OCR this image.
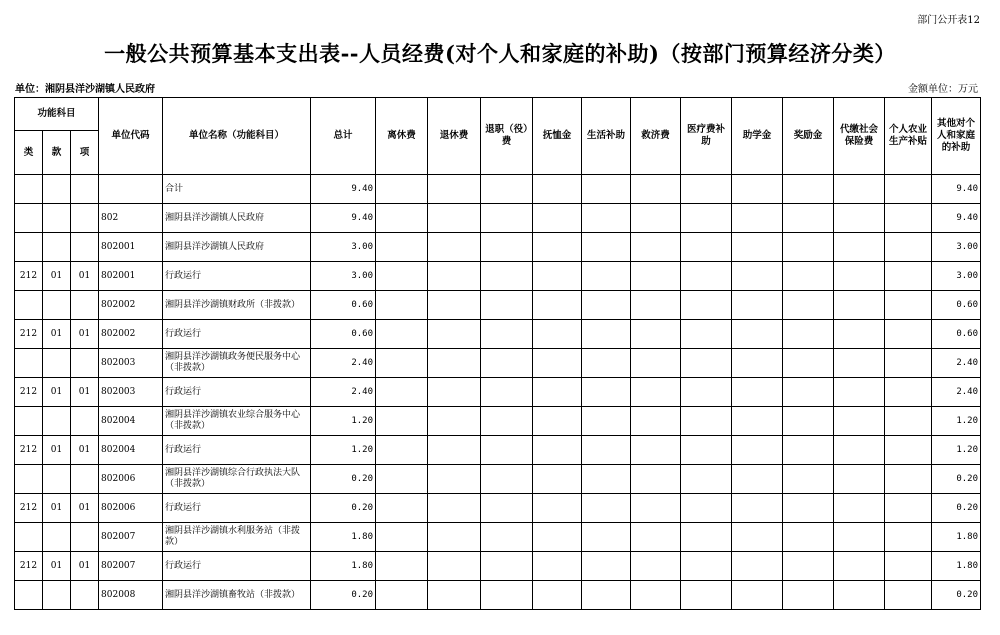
部门公开表12
一般公共预算基本支出表--人员经费(对个人和家庭的补助)（按部门预算经济分类）
单位：湘阴县洋沙湖镇人民政府	金额单位：万元
功能科目			单位代码	单位名称（功能科目）	总计	离休费	退休费	退职（役）费	抚恤金	生活补助	救济费	医疗费补助	助学金	奖励金	代缴社会保险费	个人农业生产补贴	其他对个人和家庭的补助
类	款	项															
				合计	9.40												9.40
			802	湘阴县洋沙湖镇人民政府	9.40												9.40
			802001	湘阴县洋沙湖镇人民政府	3.00												3.00
212	01	01	802001	行政运行	3.00												3.00
			802002	湘阴县洋沙湖镇财政所（非拨款）	0.60												0.60
212	01	01	802002	行政运行	0.60												0.60
			802003	湘阴县洋沙湖镇政务便民服务中心（非拨款）	2.40												2.40
212	01	01	802003	行政运行	2.40												2.40
			802004	湘阴县洋沙湖镇农业综合服务中心（非拨款）	1.20												1.20
212	01	01	802004	行政运行	1.20												1.20
			802006	湘阴县洋沙湖镇综合行政执法大队（非拨款）	0.20												0.20
212	01	01	802006	行政运行	0.20												0.20
			802007	湘阴县洋沙湖镇水利服务站（非拨款）	1.80												1.80
212	01	01	802007	行政运行	1.80												1.80
			802008	湘阴县洋沙湖镇畜牧站（非拨款）	0.20												0.20
